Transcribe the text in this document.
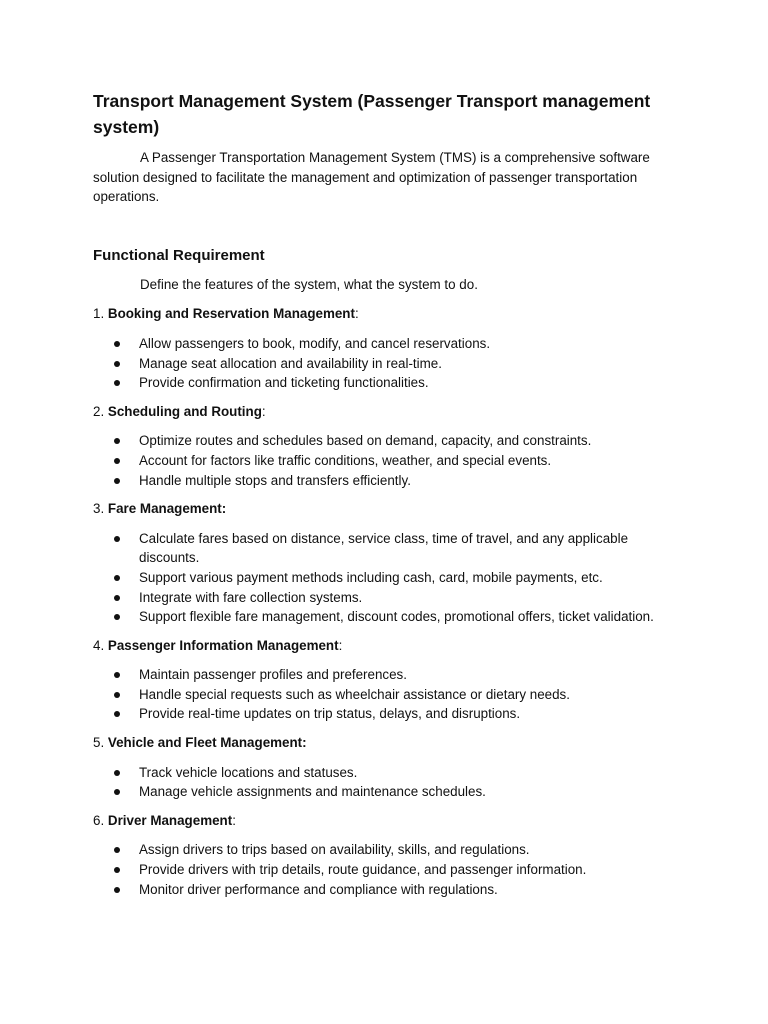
Transport Management System (Passenger Transport management system)

A Passenger Transportation Management System (TMS) is a comprehensive software solution designed to facilitate the management and optimization of passenger transportation operations.

Functional Requirement

Define the features of the system, what the system to do.

1. Booking and Reservation Management:

Allow passengers to book, modify, and cancel reservations.
Manage seat allocation and availability in real-time.
Provide confirmation and ticketing functionalities.

2. Scheduling and Routing:

Optimize routes and schedules based on demand, capacity, and constraints.
Account for factors like traffic conditions, weather, and special events.
Handle multiple stops and transfers efficiently.

3. Fare Management:

Calculate fares based on distance, service class, time of travel, and any applicable discounts.
Support various payment methods including cash, card, mobile payments, etc.
Integrate with fare collection systems.
Support flexible fare management, discount codes, promotional offers, ticket validation.

4. Passenger Information Management:

Maintain passenger profiles and preferences.
Handle special requests such as wheelchair assistance or dietary needs.
Provide real-time updates on trip status, delays, and disruptions.

5. Vehicle and Fleet Management:

Track vehicle locations and statuses.
Manage vehicle assignments and maintenance schedules.

6. Driver Management:

Assign drivers to trips based on availability, skills, and regulations.
Provide drivers with trip details, route guidance, and passenger information.
Monitor driver performance and compliance with regulations.
